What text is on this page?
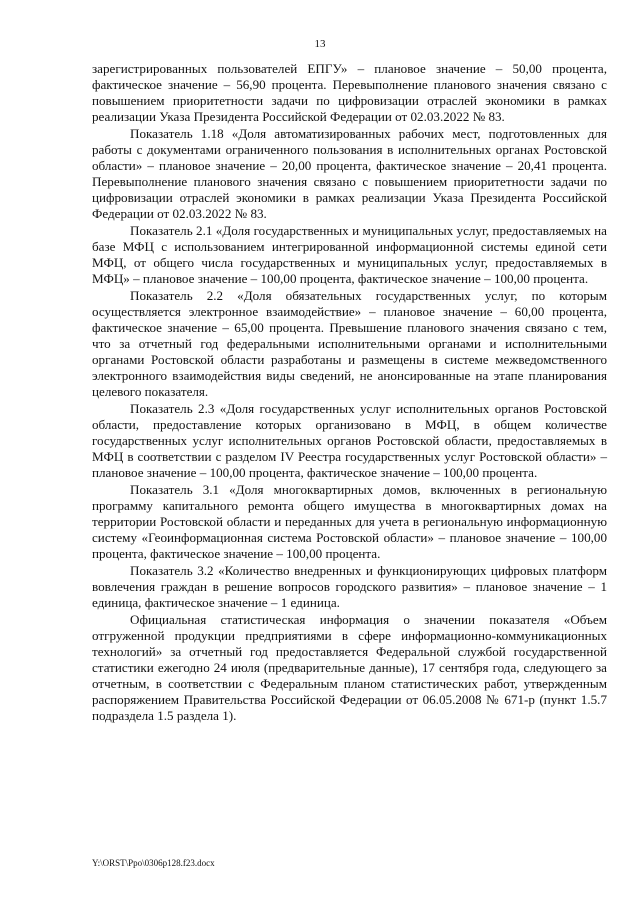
13

зарегистрированных пользователей ЕПГУ» – плановое значение – 50,00 процента, фактическое значение – 56,90 процента. Перевыполнение планового значения связано с повышением приоритетности задачи по цифровизации отраслей экономики в рамках реализации Указа Президента Российской Федерации от 02.03.2022 № 83.

Показатель 1.18 «Доля автоматизированных рабочих мест, подготовленных для работы с документами ограниченного пользования в исполнительных органах Ростовской области» – плановое значение – 20,00 процента, фактическое значение – 20,41 процента. Перевыполнение планового значения связано с повышением приоритетности задачи по цифровизации отраслей экономики в рамках реализации Указа Президента Российской Федерации от 02.03.2022 № 83.

Показатель 2.1 «Доля государственных и муниципальных услуг, предоставляемых на базе МФЦ с использованием интегрированной информационной системы единой сети МФЦ, от общего числа государственных и муниципальных услуг, предоставляемых в МФЦ» – плановое значение – 100,00 процента, фактическое значение – 100,00 процента.

Показатель 2.2 «Доля обязательных государственных услуг, по которым осуществляется электронное взаимодействие» – плановое значение – 60,00 процента, фактическое значение – 65,00 процента. Превышение планового значения связано с тем, что за отчетный год федеральными исполнительными органами и исполнительными органами Ростовской области разработаны и размещены в системе межведомственного электронного взаимодействия виды сведений, не анонсированные на этапе планирования целевого показателя.

Показатель 2.3 «Доля государственных услуг исполнительных органов Ростовской области, предоставление которых организовано в МФЦ, в общем количестве государственных услуг исполнительных органов Ростовской области, предоставляемых в МФЦ в соответствии с разделом IV Реестра государственных услуг Ростовской области» – плановое значение – 100,00 процента, фактическое значение – 100,00 процента.

Показатель 3.1 «Доля многоквартирных домов, включенных в региональную программу капитального ремонта общего имущества в многоквартирных домах на территории Ростовской области и переданных для учета в региональную информационную систему «Геоинформационная система Ростовской области» – плановое значение – 100,00 процента, фактическое значение – 100,00 процента.

Показатель 3.2 «Количество внедренных и функционирующих цифровых платформ вовлечения граждан в решение вопросов городского развития» – плановое значение – 1 единица, фактическое значение – 1 единица.

Официальная статистическая информация о значении показателя «Объем отгруженной продукции предприятиями в сфере информационно-коммуникационных технологий» за отчетный год предоставляется Федеральной службой государственной статистики ежегодно 24 июля (предварительные данные), 17 сентября года, следующего за отчетным, в соответствии с Федеральным планом статистических работ, утвержденным распоряжением Правительства Российской Федерации от 06.05.2008 № 671-р (пункт 1.5.7 подраздела 1.5 раздела 1).

Y:\ORST\Ppo\0306p128.f23.docx
